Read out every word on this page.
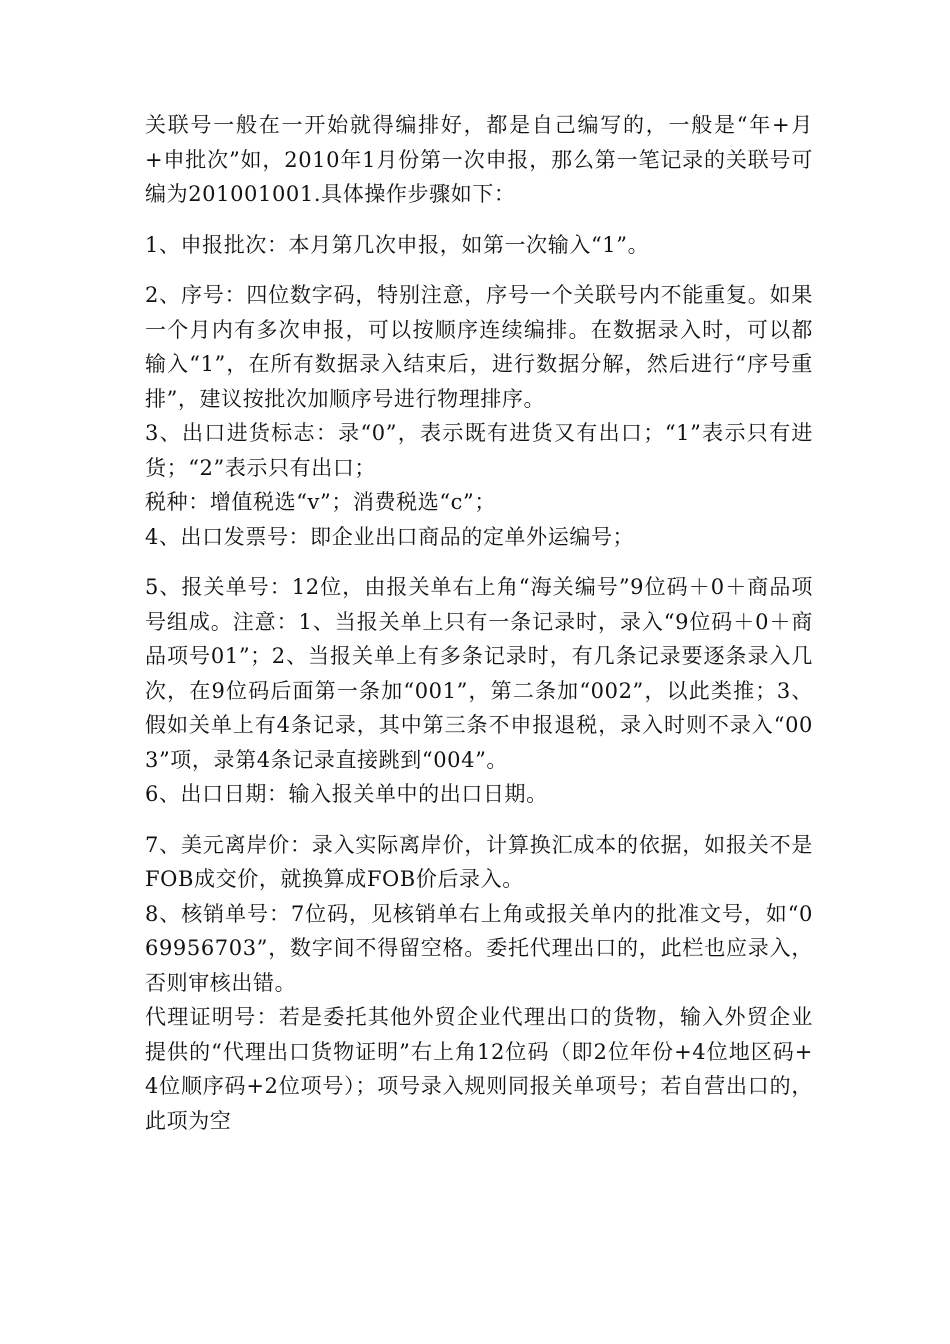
关联号一般在一开始就得编排好，都是自己编写的，一般是“年+月+申批次”如，2010年1月份第一次申报，那么第一笔记录的关联号可编为201001001.具体操作步骤如下：

1、申报批次：本月第几次申报，如第一次输入“1”。

2、序号：四位数字码，特别注意，序号一个关联号内不能重复。如果一个月内有多次申报，可以按顺序连续编排。在数据录入时，可以都输入“1”，在所有数据录入结束后，进行数据分解，然后进行“序号重排”，建议按批次加顺序号进行物理排序。

3、出口进货标志：录“0”，表示既有进货又有出口；“1”表示只有进货；“2”表示只有出口；

税种：增值税选“v”；消费税选“c”；

4、出口发票号：即企业出口商品的定单外运编号；

5、报关单号：12位，由报关单右上角“海关编号”9位码＋0＋商品项号组成。注意：1、当报关单上只有一条记录时，录入“9位码＋0＋商品项号01”；2、当报关单上有多条记录时，有几条记录要逐条录入几次，在9位码后面第一条加“001”，第二条加“002”，以此类推；3、假如关单上有4条记录，其中第三条不申报退税，录入时则不录入“003”项，录第4条记录直接跳到“004”。

6、出口日期：输入报关单中的出口日期。

7、美元离岸价：录入实际离岸价，计算换汇成本的依据，如报关不是FOB成交价，就换算成FOB价后录入。

8、核销单号：7位码，见核销单右上角或报关单内的批准文号，如“069956703”，数字间不得留空格。委托代理出口的，此栏也应录入，否则审核出错。

代理证明号：若是委托其他外贸企业代理出口的货物，输入外贸企业提供的“代理出口货物证明”右上角12位码（即2位年份+4位地区码+4位顺序码+2位项号）；项号录入规则同报关单项号；若自营出口的，此项为空
